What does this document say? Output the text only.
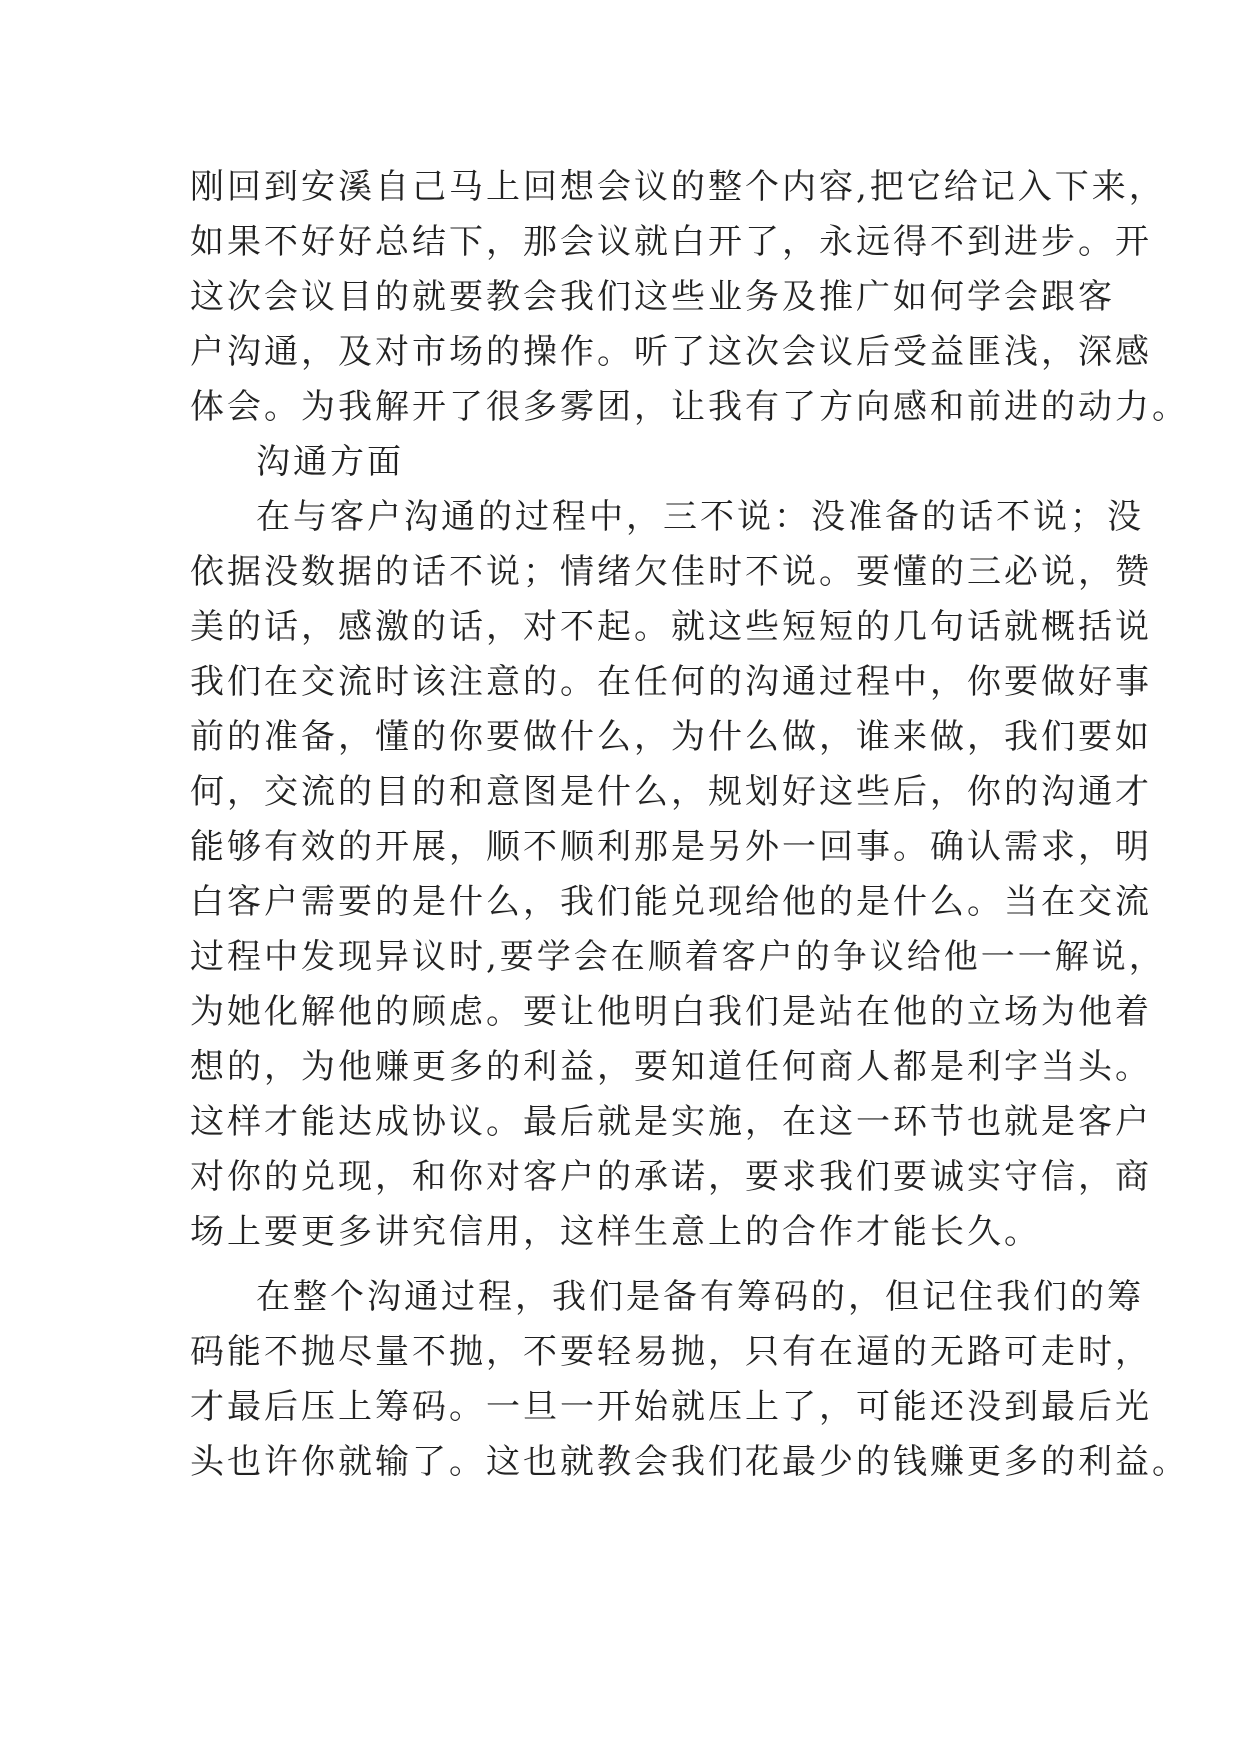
刚回到安溪自己马上回想会议的整个内容,把它给记入下来，
如果不好好总结下，那会议就白开了，永远得不到进步。开
这次会议目的就要教会我们这些业务及推广如何学会跟客
户沟通，及对市场的操作。听了这次会议后受益匪浅，深感
体会。为我解开了很多雾团，让我有了方向感和前进的动力。
沟通方面
在与客户沟通的过程中，三不说：没准备的话不说；没
依据没数据的话不说；情绪欠佳时不说。要懂的三必说，赞
美的话，感激的话，对不起。就这些短短的几句话就概括说
我们在交流时该注意的。在任何的沟通过程中，你要做好事
前的准备，懂的你要做什么，为什么做，谁来做，我们要如
何，交流的目的和意图是什么，规划好这些后，你的沟通才
能够有效的开展，顺不顺利那是另外一回事。确认需求，明
白客户需要的是什么，我们能兑现给他的是什么。当在交流
过程中发现异议时,要学会在顺着客户的争议给他一一解说，
为她化解他的顾虑。要让他明白我们是站在他的立场为他着
想的，为他赚更多的利益，要知道任何商人都是利字当头。
这样才能达成协议。最后就是实施，在这一环节也就是客户
对你的兑现，和你对客户的承诺，要求我们要诚实守信，商
场上要更多讲究信用，这样生意上的合作才能长久。
在整个沟通过程，我们是备有筹码的，但记住我们的筹
码能不抛尽量不抛，不要轻易抛，只有在逼的无路可走时，
才最后压上筹码。一旦一开始就压上了，可能还没到最后光
头也许你就输了。这也就教会我们花最少的钱赚更多的利益。
